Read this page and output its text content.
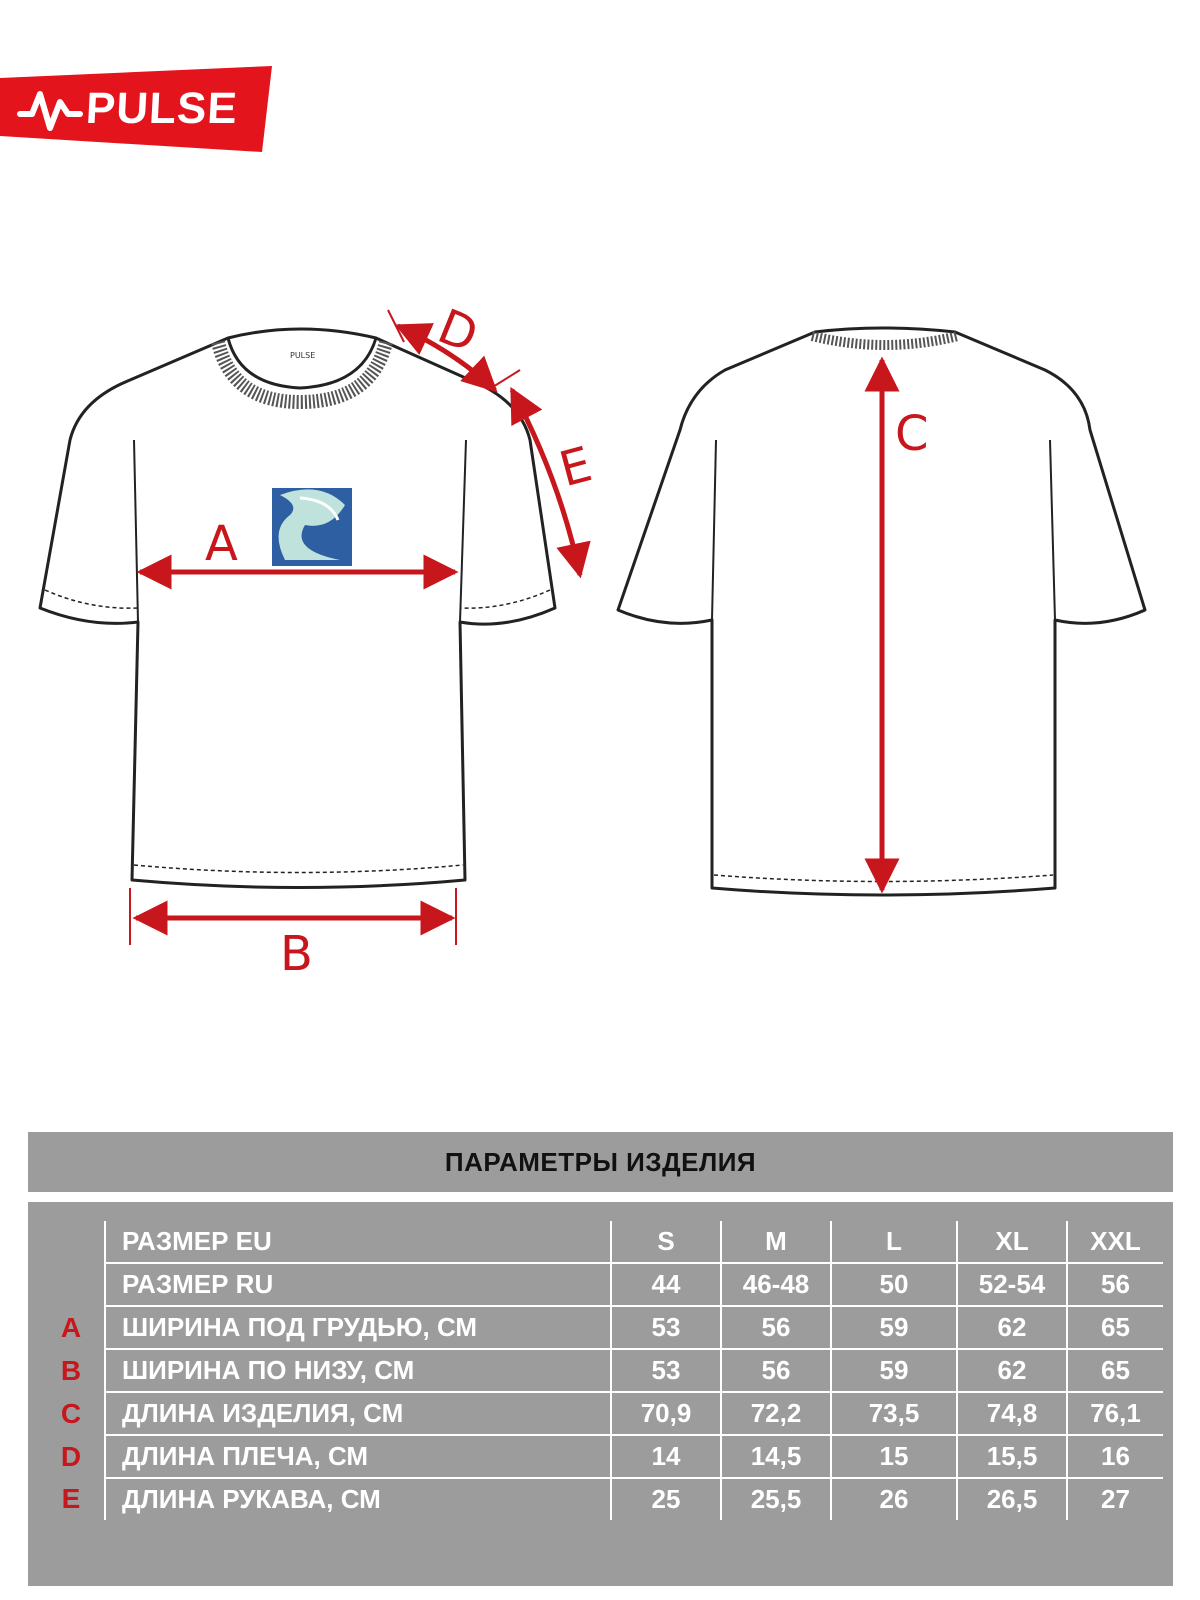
PULSE
PULSE
A
B
C
D
E
ПАРАМЕТРЫ ИЗДЕЛИЯ
	РАЗМЕР EU	S	M	L	XL	XXL
	РАЗМЕР RU	44	46-48	50	52-54	56
A	ШИРИНА ПОД ГРУДЬЮ, СМ	53	56	59	62	65
B	ШИРИНА ПО НИЗУ, СМ	53	56	59	62	65
C	ДЛИНА ИЗДЕЛИЯ, СМ	70,9	72,2	73,5	74,8	76,1
D	ДЛИНА ПЛЕЧА, СМ	14	14,5	15	15,5	16
E	ДЛИНА РУКАВА, СМ	25	25,5	26	26,5	27
